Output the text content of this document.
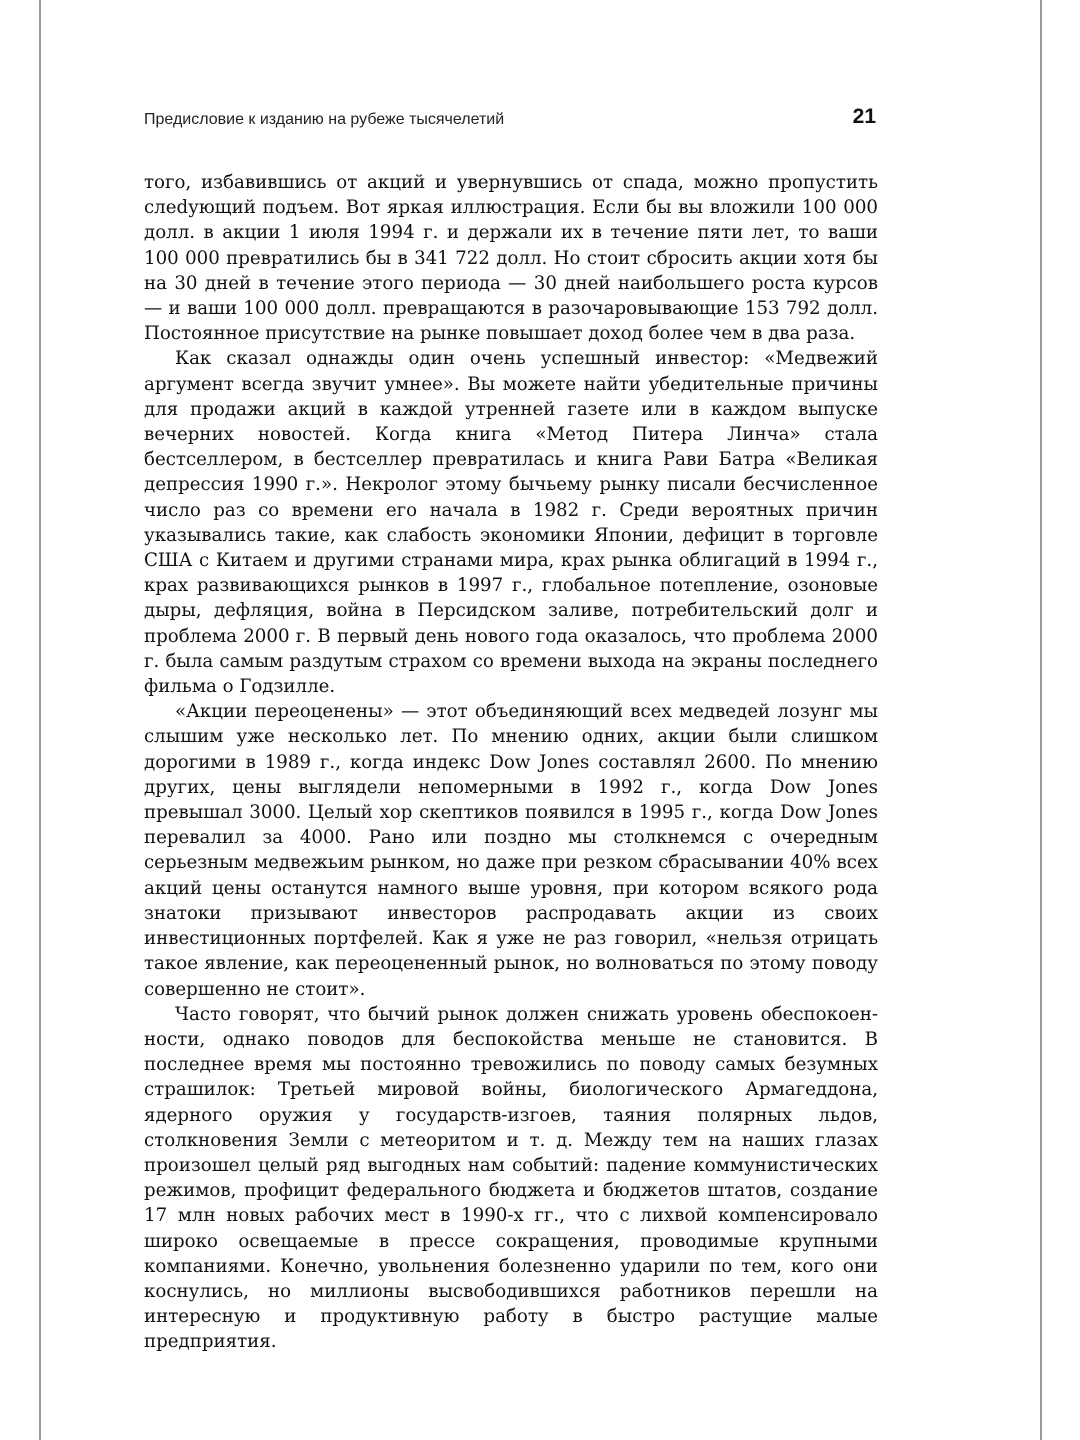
Предисловие к изданию на рубеже тысячелетий	21

того, избавившись от акций и увернувшись от спада, можно пропустить слеdующий подъем. Вот яркая иллюстрация. Если бы вы вложили 100 000 долл. в акции 1 июля 1994 г. и держали их в течение пяти лет, то ваши 100 000 превратились бы в 341 722 долл. Но стоит сбросить акции хотя бы на 30 дней в течение этого периода — 30 дней наибольшего роста курсов — и ваши 100 000 долл. превращаются в разочаровывающие 153 792 долл. Постоянное присутствие на рынке повышает доход более чем в два раза.

Как сказал однажды один очень успешный инвестор: «Медвежий аргумент всегда звучит умнее». Вы можете найти убедительные причины для продажи акций в каждой утренней газете или в каждом выпуске вечерних новостей. Когда книга «Метод Питера Линча» стала бестселлером, в бестселлер превратилась и книга Рави Батра «Великая депрессия 1990 г.». Некролог этому бычьему рынку писали бесчисленное число раз со времени его начала в 1982 г. Среди вероятных причин указывались такие, как слабость экономики Японии, дефицит в торговле США с Китаем и другими странами мира, крах рынка облигаций в 1994 г., крах развивающихся рынков в 1997 г., глобальное потепление, озоновые дыры, дефляция, война в Персидском заливе, потребительский долг и проблема 2000 г. В первый день нового года оказалось, что проблема 2000 г. была самым раздутым страхом со времени выхода на экраны последнего фильма о Годзилле.

«Акции переоценены» — этот объединяющий всех медведей лозунг мы слышим уже несколько лет. По мнению одних, акции были слишком дорогими в 1989 г., когда индекс Dow Jones составлял 2600. По мнению других, цены выглядели непомерными в 1992 г., когда Dow Jones превышал 3000. Целый хор скептиков появился в 1995 г., когда Dow Jones перевалил за 4000. Рано или поздно мы столкнемся с очередным серьезным медвежьим рынком, но даже при резком сбрасывании 40% всех акций цены останутся намного выше уровня, при котором всякого рода знатоки призывают инвесторов распродавать акции из своих инвестиционных портфелей. Как я уже не раз говорил, «нельзя отрицать такое явление, как переоцененный рынок, но волноваться по этому поводу совершенно не стоит».

Часто говорят, что бычий рынок должен снижать уровень обеспокоенности, однако поводов для беспокойства меньше не становится. В последнее время мы постоянно тревожились по поводу самых безумных страшилок: Третьей мировой войны, биологического Армагеддона, ядерного оружия у государств-изгоев, таяния полярных льдов, столкновения Земли с метеоритом и т. д. Между тем на наших глазах произошел целый ряд выгодных нам событий: падение коммунистических режимов, профицит федерального бюджета и бюджетов штатов, создание 17 млн новых рабочих мест в 1990-х гг., что с лихвой компенсировало широко освещаемые в прессе сокращения, проводимые крупными компаниями. Конечно, увольнения болезненно ударили по тем, кого они коснулись, но миллионы высвободившихся работников перешли на интересную и продуктивную работу в быстро растущие малые предприятия.
